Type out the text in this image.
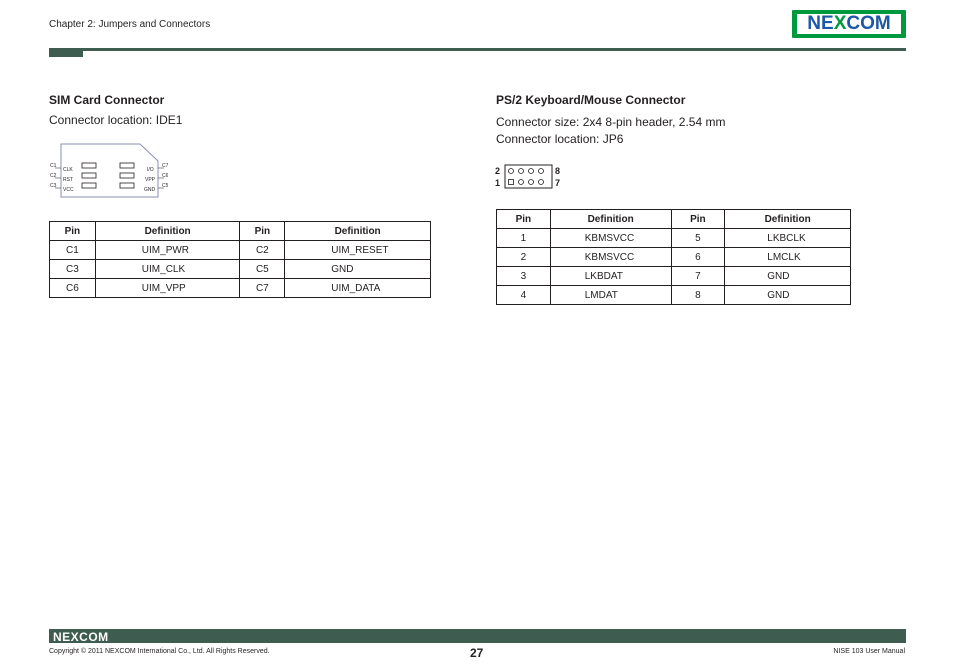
Chapter 2: Jumpers and Connectors	NE X COM
SIM Card Connector
Connector location: IDE1
C1
C2
C3
CLK
RST
VCC
C7
C6
C5
I/O
VPP
GND
Pin	Definition	Pin	Definition
C1	UIM_PWR	C2	UIM_RESET
C3	UIM_CLK	C5	GND
C6	UIM_VPP	C7	UIM_DATA
PS/2 Keyboard/Mouse Connector
Connector size: 2x4 8-pin header, 2.54 mm
Connector location: JP6
2
1
8
7
Pin	Definition	Pin	Definition
1	KBMSVCC	5	LKBCLK
2	KBMSVCC	6	LMCLK
3	LKBDAT	7	GND
4	LMDAT	8	GND
NEXCOM
Copyright © 2011 NEXCOM International Co., Ltd. All Rights Reserved.	27	NISE 103 User Manual
